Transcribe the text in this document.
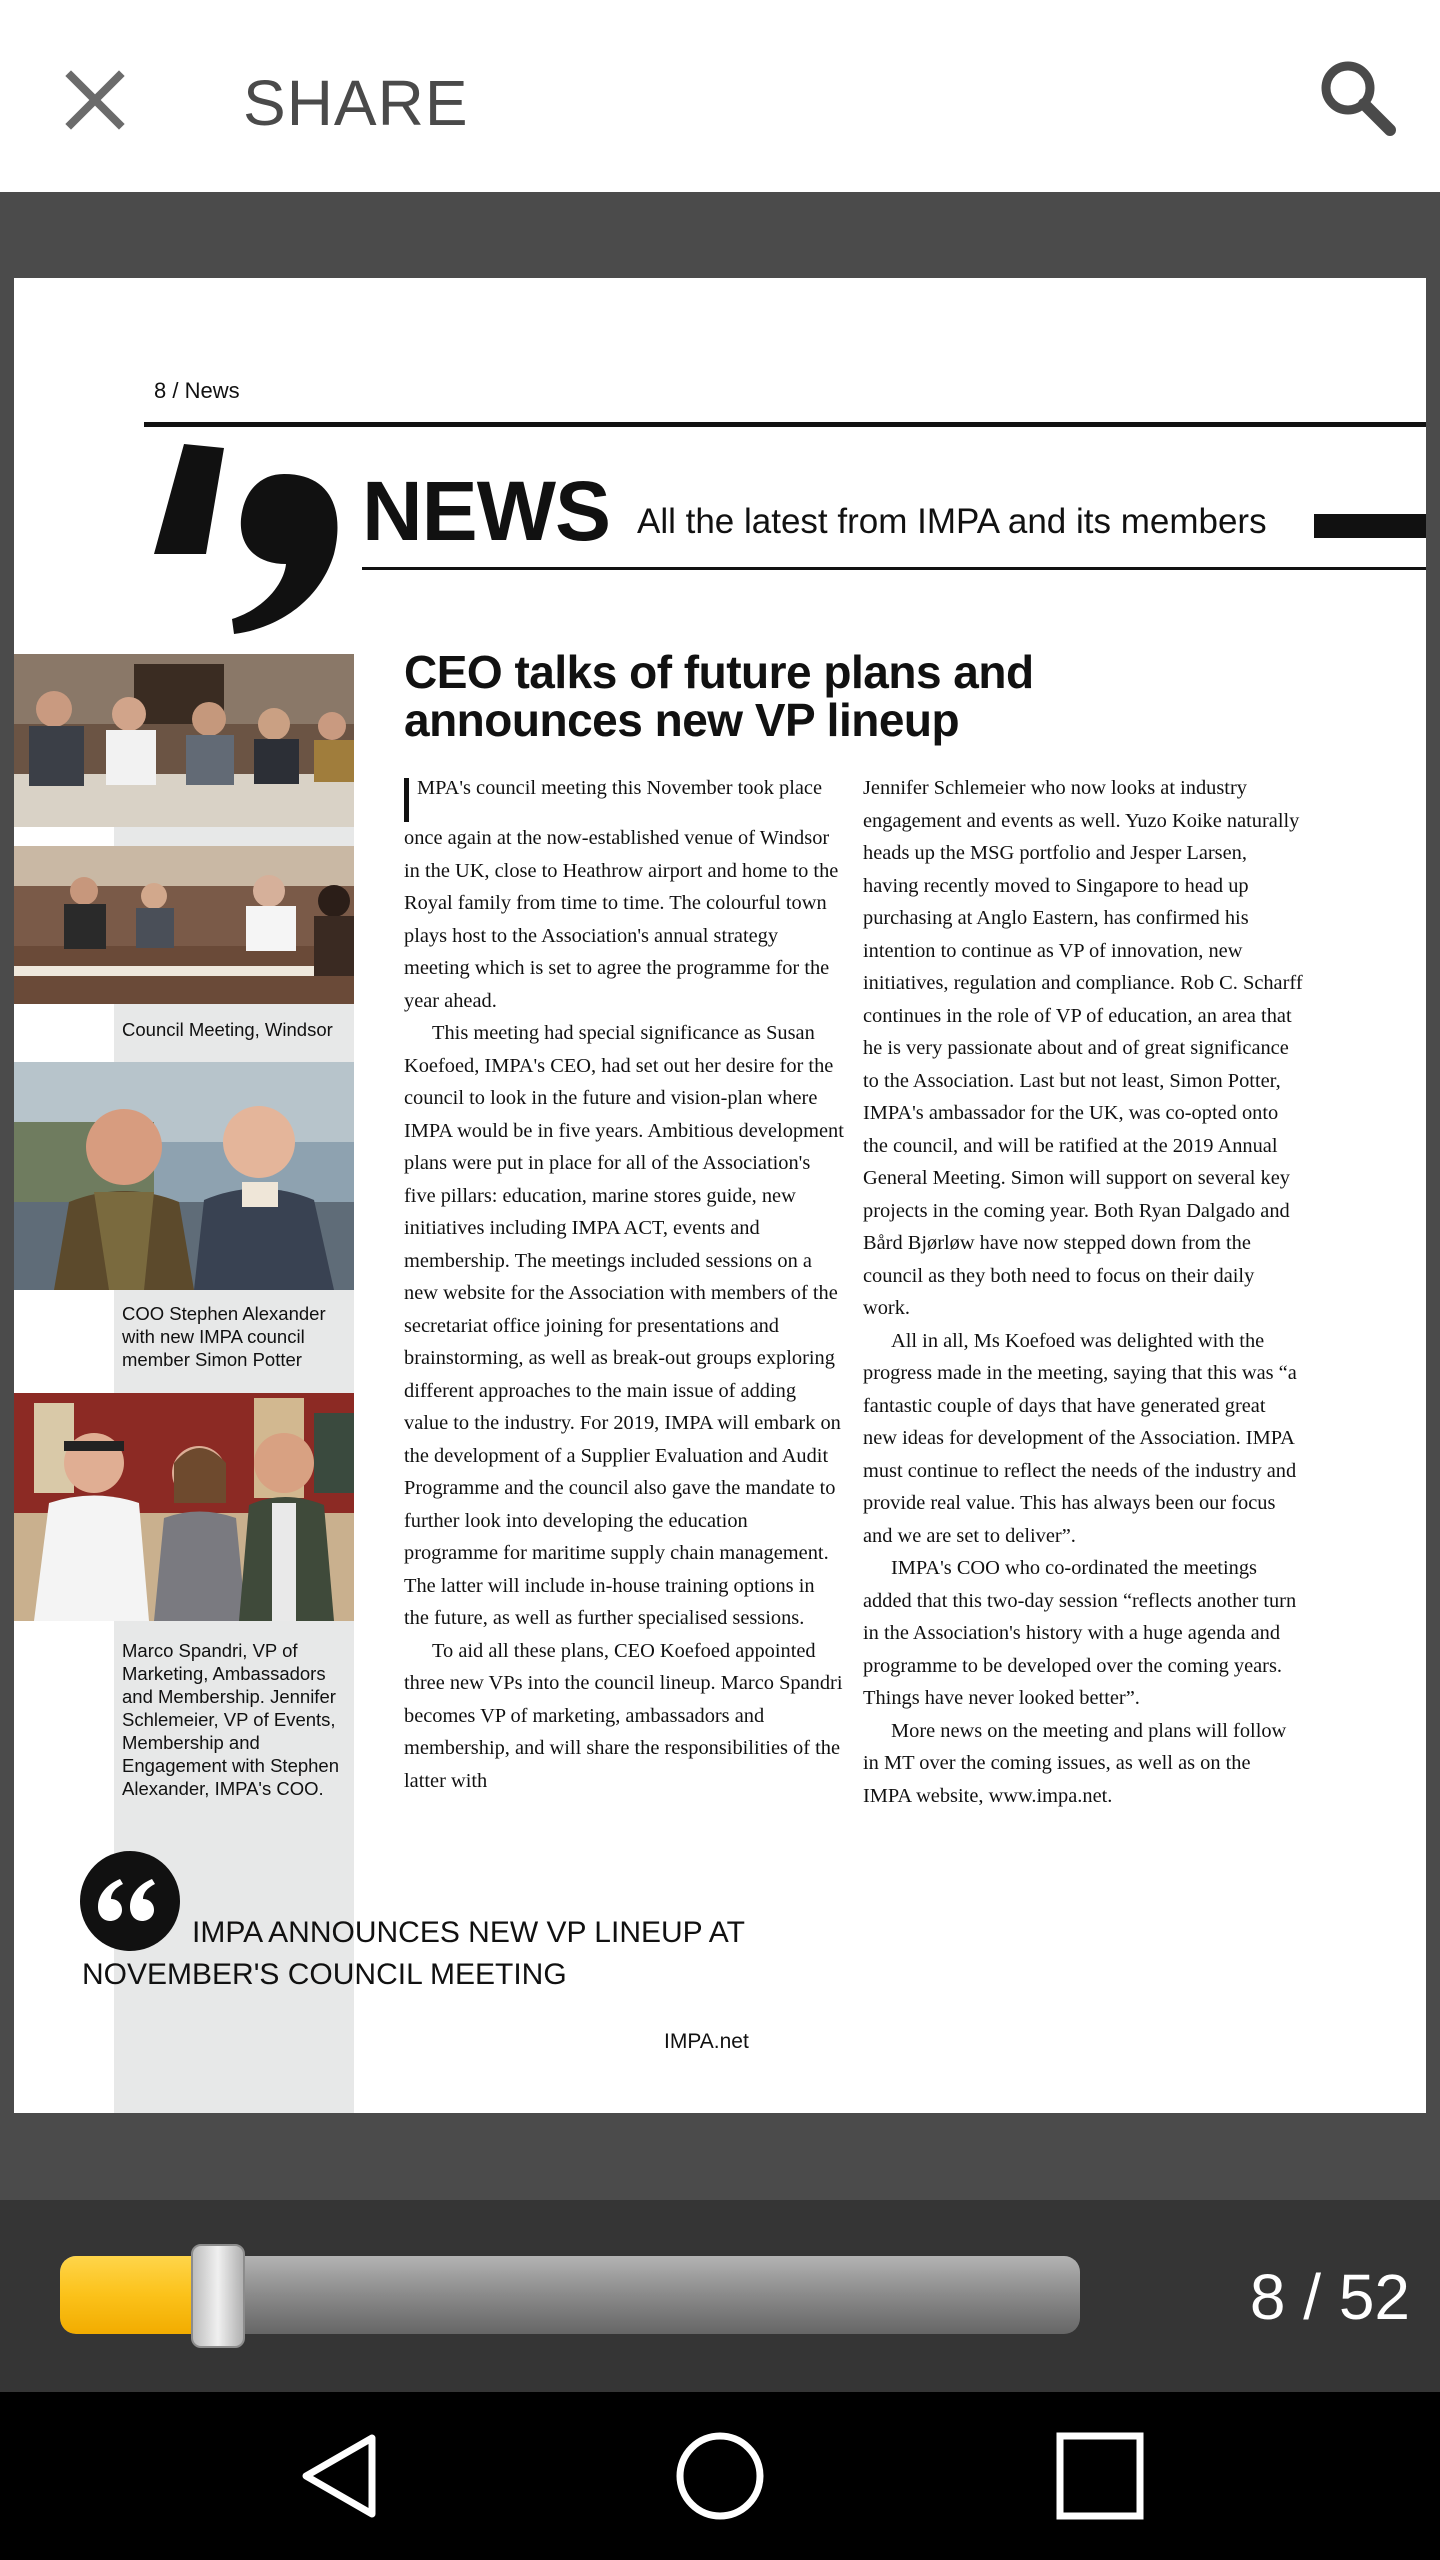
SHARE
8 / News
NEWS All the latest from IMPA and its members
Council Meeting, Windsor
COO Stephen Alexander with new IMPA council member Simon Potter
Marco Spandri, VP of Marketing, Ambassadors and Membership. Jennifer Schlemeier, VP of Events, Membership and Engagement with Stephen Alexander, IMPA's COO.
CEO talks of future plans and announces new VP lineup

MPA's council meeting this November took place once again at the now-established venue of Windsor in the UK, close to Heathrow airport and home to the Royal family from time to time. The colourful town plays host to the Association's annual strategy meeting which is set to agree the programme for the year ahead.

This meeting had special significance as Susan Koefoed, IMPA's CEO, had set out her desire for the council to look in the future and vision-plan where IMPA would be in five years. Ambitious development plans were put in place for all of the Association's five pillars: education, marine stores guide, new initiatives including IMPA ACT, events and membership. The meetings included sessions on a new website for the Association with members of the secretariat office joining for presentations and brainstorming, as well as break-out groups exploring different approaches to the main issue of adding value to the industry. For 2019, IMPA will embark on the development of a Supplier Evaluation and Audit Programme and the council also gave the mandate to further look into developing the education programme for maritime supply chain management. The latter will include in-house training options in the future, as well as further specialised sessions.

To aid all these plans, CEO Koefoed appointed three new VPs into the council lineup. Marco Spandri becomes VP of marketing, ambassadors and membership, and will share the responsibilities of the latter with

Jennifer Schlemeier who now looks at industry engagement and events as well. Yuzo Koike naturally heads up the MSG portfolio and Jesper Larsen, having recently moved to Singapore to head up purchasing at Anglo Eastern, has confirmed his intention to continue as VP of innovation, new initiatives, regulation and compliance. Rob C. Scharff continues in the role of VP of education, an area that he is very passionate about and of great significance to the Association. Last but not least, Simon Potter, IMPA's ambassador for the UK, was co-opted onto the council, and will be ratified at the 2019 Annual General Meeting. Simon will support on several key projects in the coming year. Both Ryan Dalgado and Bård Bjørløw have now stepped down from the council as they both need to focus on their daily work.

All in all, Ms Koefoed was delighted with the progress made in the meeting, saying that this was “a fantastic couple of days that have generated great new ideas for development of the Association. IMPA must continue to reflect the needs of the industry and provide real value. This has always been our focus and we are set to deliver”.

IMPA's COO who co-ordinated the meetings added that this two-day session “reflects another turn in the Association's history with a huge agenda and programme to be developed over the coming years. Things have never looked better”.

More news on the meeting and plans will follow in MT over the coming issues, as well as on the IMPA website, www.impa.net.

IMPA ANNOUNCES NEW VP LINEUP AT NOVEMBER'S COUNCIL MEETING
IMPA.net
8 / 52
